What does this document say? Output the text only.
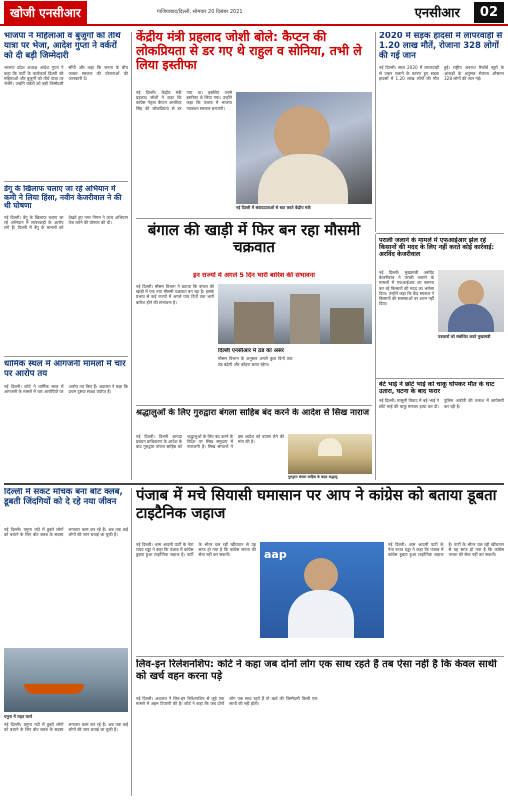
खोजी एनसीआर	गाजियाबाद/दिल्ली, सोमवार 20 दिसंबर 2021	एनसीआर	02
भाजपा ने महिलाओं व बुजुर्गों को तीर्थ यात्रा पर भेजा, आदेश गुप्ता ने वर्करों को दी बड़ी जिम्मेदारी
भाजपा प्रदेश अध्यक्ष आदेश गुप्ता ने कहा कि पार्टी के कार्यकर्ता दिल्ली की महिलाओं और बुजुर्गों को तीर्थ यात्रा पर भेजेंगे। उन्होंने वर्करों को बड़ी जिम्मेदारी सौंपी और कहा कि जनता के बीच जाकर सरकार की योजनाओं की जानकारी दें।
डेंगू के खिलाफ चलाए जा रहे अभियान में कमी ने लिया हिंसा, नवीन केजरीवाल ने की थी घोषणा
नई दिल्ली। डेंगू के खिलाफ चलाए जा रहे अभियान में लापरवाही के आरोप लगे हैं। दिल्ली में डेंगू के मामलों को देखते हुए नगर निगम ने जांच अभियान तेज करने की घोषणा की थी।
धार्मिक स्थल में आगजनी मामलों में चार पर आरोप तय
नई दिल्ली। कोर्ट ने धार्मिक स्थल में आगजनी के मामले में चार आरोपियों पर आरोप तय किए हैं। अदालत ने कहा कि प्रथम दृष्टया साक्ष्य पर्याप्त हैं।
केंद्रीय मंत्री प्रहलाद जोशी बोले: कैप्टन की लोकप्रियता से डर गए थे राहुल व सोनिया, तभी ले लिया इस्तीफा
नई दिल्ली। केंद्रीय मंत्री प्रहलाद जोशी ने कहा कि कांग्रेस नेतृत्व कैप्टन अमरिंदर सिंह की लोकप्रियता से डर गया था। इसलिए उनसे इस्तीफा ले लिया गया। उन्होंने कहा कि पंजाब में भाजपा गठबंधन सरकार बनाएगी।
नई दिल्ली में संवाददाताओं से बात करते केंद्रीय मंत्री
2020 में सड़क हादसों में लापरवाही से 1.20 लाख मौतें, रोजाना 328 लोगों की गई जान
नई दिल्ली। साल 2020 में लापरवाही से वाहन चलाने के कारण हुए सड़क हादसों में 1.20 लाख लोगों की मौत हुई। राष्ट्रीय अपराध रिकॉर्ड ब्यूरो के आंकड़ों के अनुसार रोजाना औसतन 328 लोगों की जान गई।
बंगाल की खाड़ी में फिर बन रहा मौसमी चक्रवात
इन राज्यों में अगले 5 दिन भारी बारिश की संभावना
नई दिल्ली। मौसम विभाग ने बताया कि बंगाल की खाड़ी में एक नया मौसमी चक्रवात बन रहा है। इसके प्रभाव से कई राज्यों में अगले पांच दिनों तक भारी बारिश होने की संभावना है।
दिल्ली एनसीआर में ठंड का असर
मौसम विभाग के अनुसार अगले कुछ दिनों तक ठंड बढ़ेगी और कोहरा छाया रहेगा।
पराली जलाने के मामलें में एफआईआर झेल रहे किसानों की मदद के लिए नहीं करते कोई कार्रवाई: अरविंद केजरीवाल
नई दिल्ली। मुख्यमंत्री अरविंद केजरीवाल ने पराली जलाने के मामलों में एफआईआर का सामना कर रहे किसानों की मदद का भरोसा दिया। उन्होंने कहा कि केंद्र सरकार ने किसानों की समस्याओं पर ध्यान नहीं दिया।
पत्रकारों को संबोधित करते मुख्यमंत्री
बेटे भाई ने छोटे भाई को चाकू घोंपकर मौत के घाट उतारा, घटना के बाद फरार
नई दिल्ली। मामूली विवाद में बड़े भाई ने छोटे भाई की चाकू मारकर हत्या कर दी। पुलिस आरोपी की तलाश में छापेमारी कर रही है।
श्रद्धालुओं के लिए गुरुद्वारा बंगला साहिब बंद करने के आदेश से सिख नाराज
नई दिल्ली। दिल्ली आपदा प्रबंधन प्राधिकरण के आदेश के बाद गुरुद्वारा बंगला साहिब को श्रद्धालुओं के लिए बंद करने के निर्देश पर सिख समुदाय में नाराजगी है। सिख संगठनों ने इस आदेश को वापस लेने की मांग की है।
गुरुद्वारा बंगला साहिब के बाहर श्रद्धालु
दिल्ली में संकट मोचक बना बोट क्लब, डूबती जिंदगियों को दे रहे नया जीवन
नई दिल्ली। यमुना नदी में डूबते लोगों को बचाने के लिए बोट क्लब के सदस्य लगातार काम कर रहे हैं। अब तक कई लोगों की जान बचाई जा चुकी है।
यमुना में राहत कार्य
नई दिल्ली। यमुना नदी में डूबते लोगों को बचाने के लिए बोट क्लब के सदस्य लगातार काम कर रहे हैं। अब तक कई लोगों की जान बचाई जा चुकी है।
पंजाब में मचे सियासी घमासान पर आप ने कांग्रेस को बताया डूबता टाइटैनिक जहाज
नई दिल्ली। आम आदमी पार्टी के नेता राघव चड्ढा ने कहा कि पंजाब में कांग्रेस डूबता हुआ टाइटैनिक जहाज है। पार्टी के भीतर चल रही खींचतान से यह साफ हो गया है कि कांग्रेस जनता की सेवा नहीं कर सकती।	aap
नई दिल्ली। आम आदमी पार्टी के नेता राघव चड्ढा ने कहा कि पंजाब में कांग्रेस डूबता हुआ टाइटैनिक जहाज है। पार्टी के भीतर चल रही खींचतान से यह साफ हो गया है कि कांग्रेस जनता की सेवा नहीं कर सकती।
लिव-इन रिलेशनशिप: कोर्ट ने कहा जब दोनों लोग एक साथ रहते हैं तब ऐसा नहीं है कि केवल साथी को खर्च वहन करना पड़े
नई दिल्ली। अदालत ने लिव-इन रिलेशनशिप से जुड़े एक मामले में अहम टिप्पणी की है। कोर्ट ने कहा कि जब दोनों लोग एक साथ रहते हैं तो खर्च की जिम्मेदारी किसी एक साथी की नहीं होती।
